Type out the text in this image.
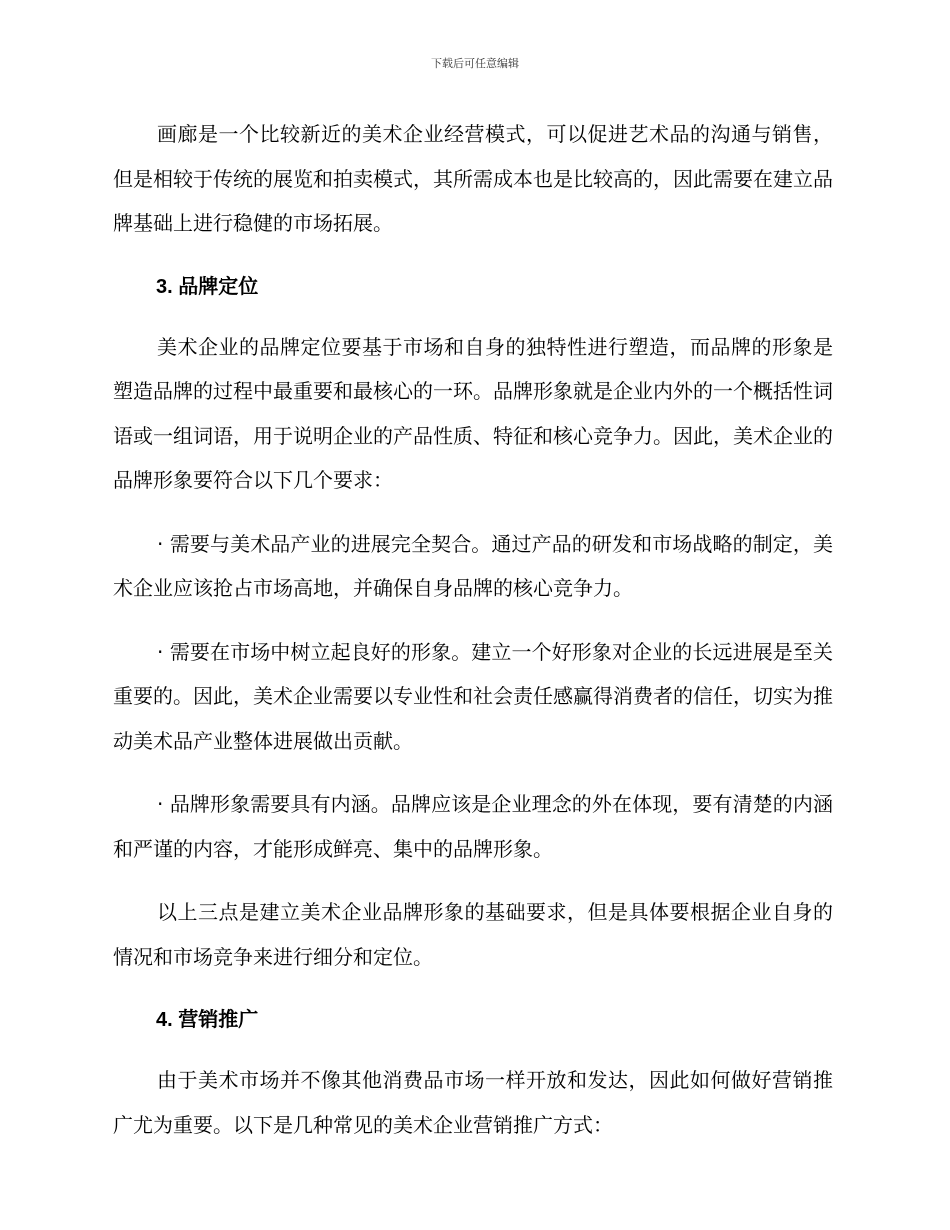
下载后可任意编辑

画廊是一个比较新近的美术企业经营模式，可以促进艺术品的沟通与销售，但是相较于传统的展览和拍卖模式，其所需成本也是比较高的，因此需要在建立品牌基础上进行稳健的市场拓展。

3. 品牌定位

美术企业的品牌定位要基于市场和自身的独特性进行塑造，而品牌的形象是塑造品牌的过程中最重要和最核心的一环。品牌形象就是企业内外的一个概括性词语或一组词语，用于说明企业的产品性质、特征和核心竞争力。因此，美术企业的品牌形象要符合以下几个要求：

· 需要与美术品产业的进展完全契合。通过产品的研发和市场战略的制定，美术企业应该抢占市场高地，并确保自身品牌的核心竞争力。

· 需要在市场中树立起良好的形象。建立一个好形象对企业的长远进展是至关重要的。因此，美术企业需要以专业性和社会责任感赢得消费者的信任，切实为推动美术品产业整体进展做出贡献。

· 品牌形象需要具有内涵。品牌应该是企业理念的外在体现，要有清楚的内涵和严谨的内容，才能形成鲜亮、集中的品牌形象。

以上三点是建立美术企业品牌形象的基础要求，但是具体要根据企业自身的情况和市场竞争来进行细分和定位。

4. 营销推广

由于美术市场并不像其他消费品市场一样开放和发达，因此如何做好营销推广尤为重要。以下是几种常见的美术企业营销推广方式：
